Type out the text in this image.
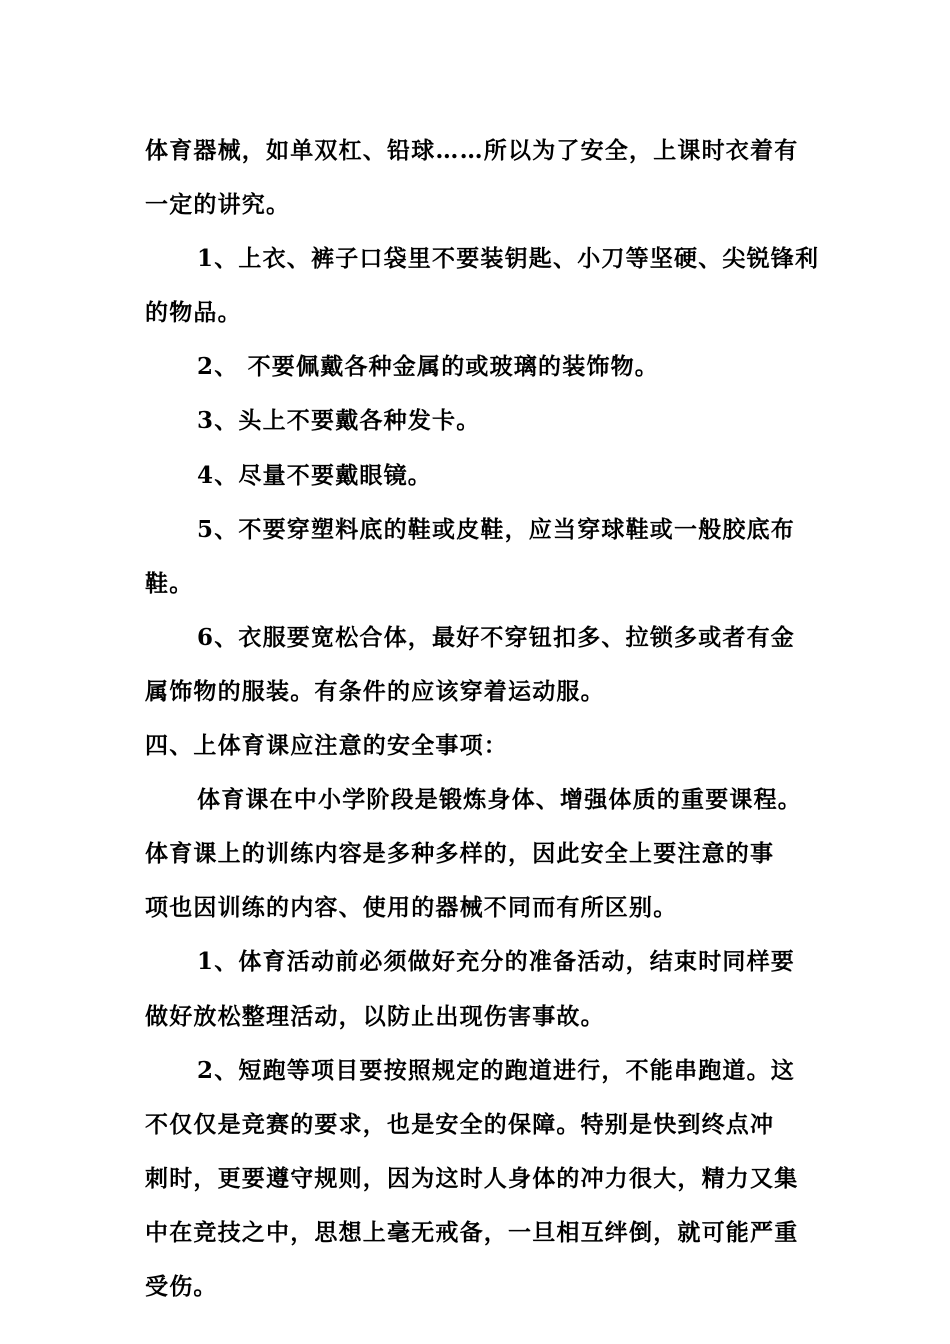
体育器械，如单双杠、铅球……所以为了安全，上课时衣着有
一定的讲究。
1、上衣、裤子口袋里不要装钥匙、小刀等坚硬、尖锐锋利
的物品。
2、 不要佩戴各种金属的或玻璃的装饰物。
3、头上不要戴各种发卡。
4、尽量不要戴眼镜。
5、不要穿塑料底的鞋或皮鞋，应当穿球鞋或一般胶底布
鞋。
6、衣服要宽松合体，最好不穿钮扣多、拉锁多或者有金
属饰物的服装。有条件的应该穿着运动服。
四、上体育课应注意的安全事项：
体育课在中小学阶段是锻炼身体、增强体质的重要课程。
体育课上的训练内容是多种多样的，因此安全上要注意的事
项也因训练的内容、使用的器械不同而有所区别。
1、体育活动前必须做好充分的准备活动，结束时同样要
做好放松整理活动，以防止出现伤害事故。
2、短跑等项目要按照规定的跑道进行，不能串跑道。这
不仅仅是竞赛的要求，也是安全的保障。特别是快到终点冲
刺时，更要遵守规则，因为这时人身体的冲力很大，精力又集
中在竞技之中，思想上毫无戒备，一旦相互绊倒，就可能严重
受伤。
